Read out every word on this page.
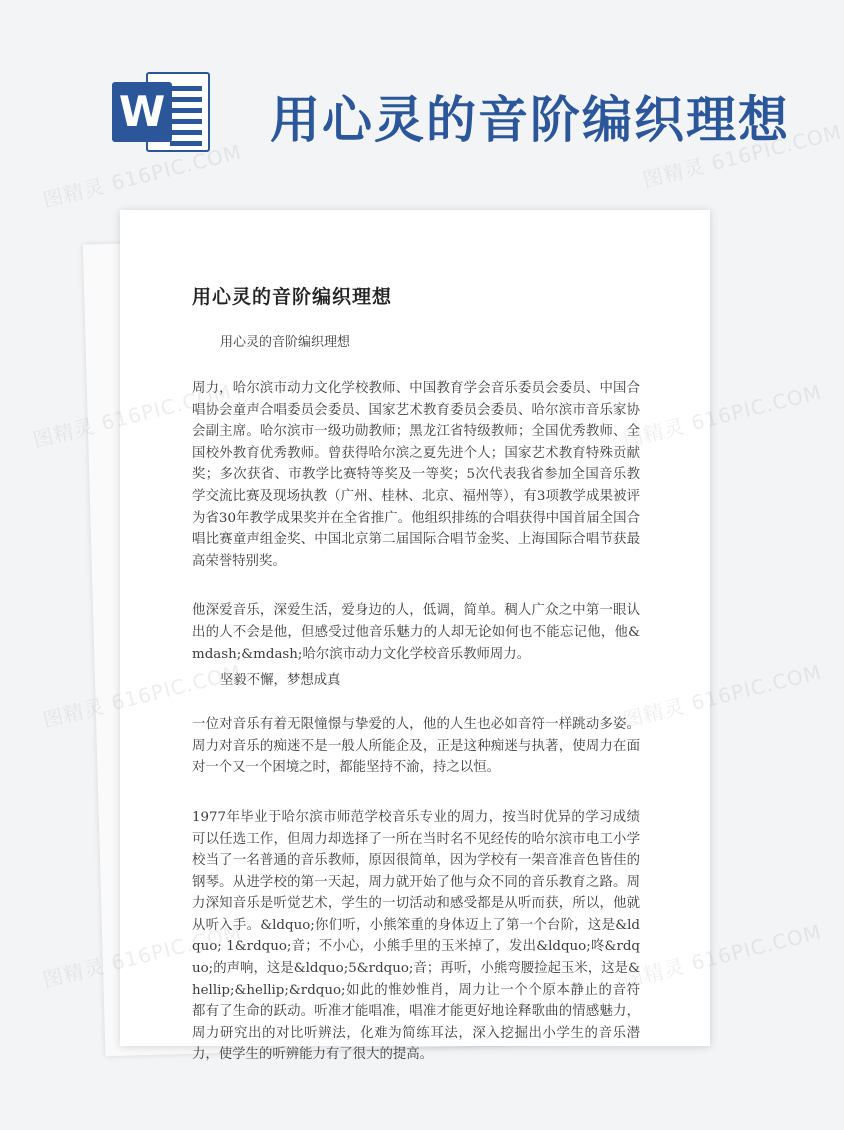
W 用心灵的音阶编织理想
用心灵的音阶编织理想

用心灵的音阶编织理想

周力，哈尔滨市动力文化学校教师、中国教育学会音乐委员会委员、中国合唱协会童声合唱委员会委员、国家艺术教育委员会委员、哈尔滨市音乐家协会副主席。哈尔滨市一级功勋教师；黑龙江省特级教师；全国优秀教师、全国校外教育优秀教师。曾获得哈尔滨之夏先进个人；国家艺术教育特殊贡献奖；多次获省、市教学比赛特等奖及一等奖；5次代表我省参加全国音乐教学交流比赛及现场执教（广州、桂林、北京、福州等），有3项教学成果被评为省30年教学成果奖并在全省推广。他组织排练的合唱获得中国首届全国合唱比赛童声组金奖、中国北京第二届国际合唱节金奖、上海国际合唱节获最高荣誉特别奖。

他深爱音乐，深爱生活，爱身边的人，低调，简单。稠人广众之中第一眼认出的人不会是他，但感受过他音乐魅力的人却无论如何也不能忘记他，他&mdash;&mdash;哈尔滨市动力文化学校音乐教师周力。

坚毅不懈，梦想成真

一位对音乐有着无限憧憬与挚爱的人，他的人生也必如音符一样跳动多姿。周力对音乐的痴迷不是一般人所能企及，正是这种痴迷与执著，使周力在面对一个又一个困境之时，都能坚持不渝，持之以恒。

1977年毕业于哈尔滨市师范学校音乐专业的周力，按当时优异的学习成绩可以任选工作，但周力却选择了一所在当时名不见经传的哈尔滨市电工小学校当了一名普通的音乐教师，原因很简单，因为学校有一架音准音色皆佳的钢琴。从进学校的第一天起，周力就开始了他与众不同的音乐教育之路。周力深知音乐是听觉艺术，学生的一切活动和感受都是从听而获，所以，他就从听入手。&ldquo;你们听，小熊笨重的身体迈上了第一个台阶，这是&ldquo; 1&rdquo;音；不小心，小熊手里的玉米掉了，发出&ldquo;咚&rdquo;的声响，这是&ldquo;5&rdquo;音；再听，小熊弯腰捡起玉米，这是&hellip;&hellip;&rdquo;如此的惟妙惟肖，周力让一个个原本静止的音符都有了生命的跃动。听准才能唱准，唱准才能更好地诠释歌曲的情感魅力，周力研究出的对比听辨法，化难为简练耳法，深入挖掘出小学生的音乐潜力，使学生的听辨能力有了很大的提高。

图精灵 616PIC.COM	图精灵 616PIC.COM
图精灵	图精灵 616PIC.COM
图精灵	图精灵 616PIC.COM
图精灵	图精灵 616PIC.COM
